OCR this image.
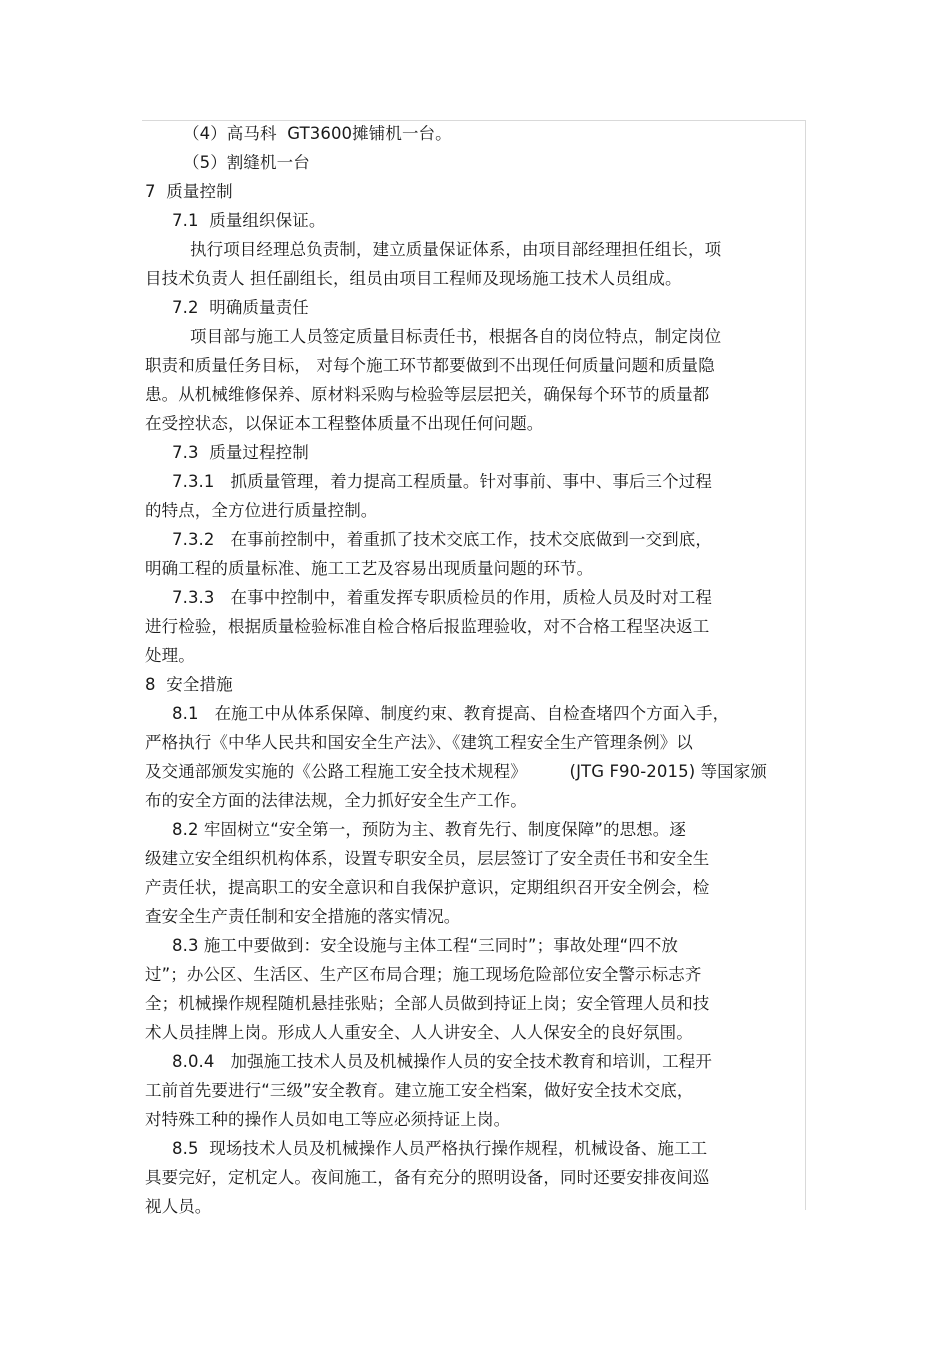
（4）高马科  GT3600摊铺机一台。
（5）割缝机一台
7  质量控制
7.1  质量组织保证。
执行项目经理总负责制，建立质量保证体系，由项目部经理担任组长，项
目技术负责人 担任副组长，组员由项目工程师及现场施工技术人员组成。
7.2  明确质量责任
项目部与施工人员签定质量目标责任书，根据各自的岗位特点，制定岗位
职责和质量任务目标， 对每个施工环节都要做到不出现任何质量问题和质量隐
患。从机械维修保养、原材料采购与检验等层层把关，确保每个环节的质量都
在受控状态，以保证本工程整体质量不出现任何问题。
7.3  质量过程控制
7.3.1   抓质量管理，着力提高工程质量。针对事前、事中、事后三个过程
的特点，全方位进行质量控制。
7.3.2   在事前控制中，着重抓了技术交底工作，技术交底做到一交到底，
明确工程的质量标准、施工工艺及容易出现质量问题的环节。
7.3.3   在事中控制中，着重发挥专职质检员的作用，质检人员及时对工程
进行检验，根据质量检验标准自检合格后报监理验收，对不合格工程坚决返工
处理。
8  安全措施
8.1   在施工中从体系保障、制度约束、教育提高、自检查堵四个方面入手，
严格执行《中华人民共和国安全生产法》、《建筑工程安全生产管理条例》以
及交通部颁发实施的《公路工程施工安全技术规程》        (JTG F90-2015) 等国家颁
布的安全方面的法律法规，全力抓好安全生产工作。
8.2 牢固树立“安全第一，预防为主、教育先行、制度保障”的思想。逐
级建立安全组织机构体系，设置专职安全员，层层签订了安全责任书和安全生
产责任状，提高职工的安全意识和自我保护意识，定期组织召开安全例会，检
查安全生产责任制和安全措施的落实情况。
8.3 施工中要做到：安全设施与主体工程“三同时”；事故处理“四不放
过”；办公区、生活区、生产区布局合理；施工现场危险部位安全警示标志齐
全；机械操作规程随机悬挂张贴；全部人员做到持证上岗；安全管理人员和技
术人员挂牌上岗。形成人人重安全、人人讲安全、人人保安全的良好氛围。
8.0.4   加强施工技术人员及机械操作人员的安全技术教育和培训，工程开
工前首先要进行“三级”安全教育。建立施工安全档案，做好安全技术交底，
对特殊工种的操作人员如电工等应必须持证上岗。
8.5  现场技术人员及机械操作人员严格执行操作规程，机械设备、施工工
具要完好，定机定人。夜间施工，备有充分的照明设备，同时还要安排夜间巡
视人员。
